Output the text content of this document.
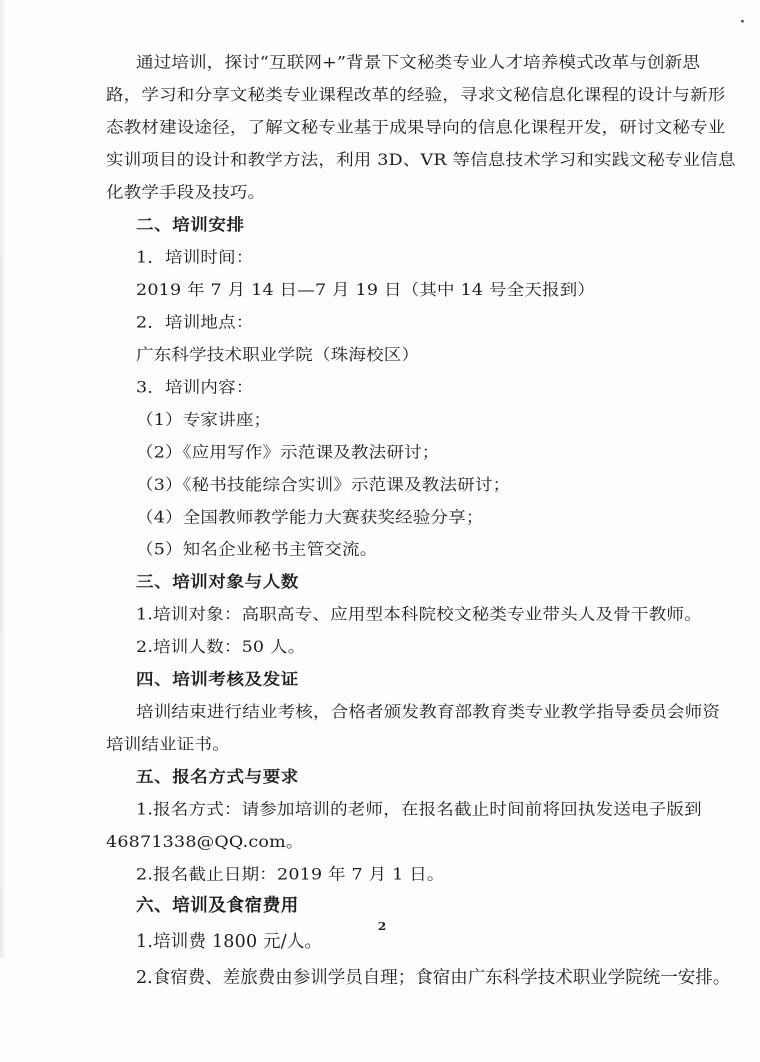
通过培训，探讨“互联网+”背景下文秘类专业人才培养模式改革与创新思
路，学习和分享文秘类专业课程改革的经验，寻求文秘信息化课程的设计与新形
态教材建设途径，了解文秘专业基于成果导向的信息化课程开发，研讨文秘专业
实训项目的设计和教学方法，利用 3D、VR 等信息技术学习和实践文秘专业信息
化教学手段及技巧。
二、培训安排
1．培训时间：
2019 年 7 月 14 日—7 月 19 日（其中 14 号全天报到）
2．培训地点：
广东科学技术职业学院（珠海校区）
3．培训内容：
（1）专家讲座；
（2）《应用写作》示范课及教法研讨；
（3）《秘书技能综合实训》示范课及教法研讨；
（4）全国教师教学能力大赛获奖经验分享；
（5）知名企业秘书主管交流。
三、培训对象与人数
1.培训对象：高职高专、应用型本科院校文秘类专业带头人及骨干教师。
2.培训人数：50 人。
四、培训考核及发证
培训结束进行结业考核，合格者颁发教育部教育类专业教学指导委员会师资
培训结业证书。
五、报名方式与要求
1.报名方式：请参加培训的老师，在报名截止时间前将回执发送电子版到
46871338@QQ.com。
2.报名截止日期：2019 年 7 月 1 日。
2
六、培训及食宿费用
1.培训费 1800 元/人。
2.食宿费、差旅费由参训学员自理；食宿由广东科学技术职业学院统一安排。
